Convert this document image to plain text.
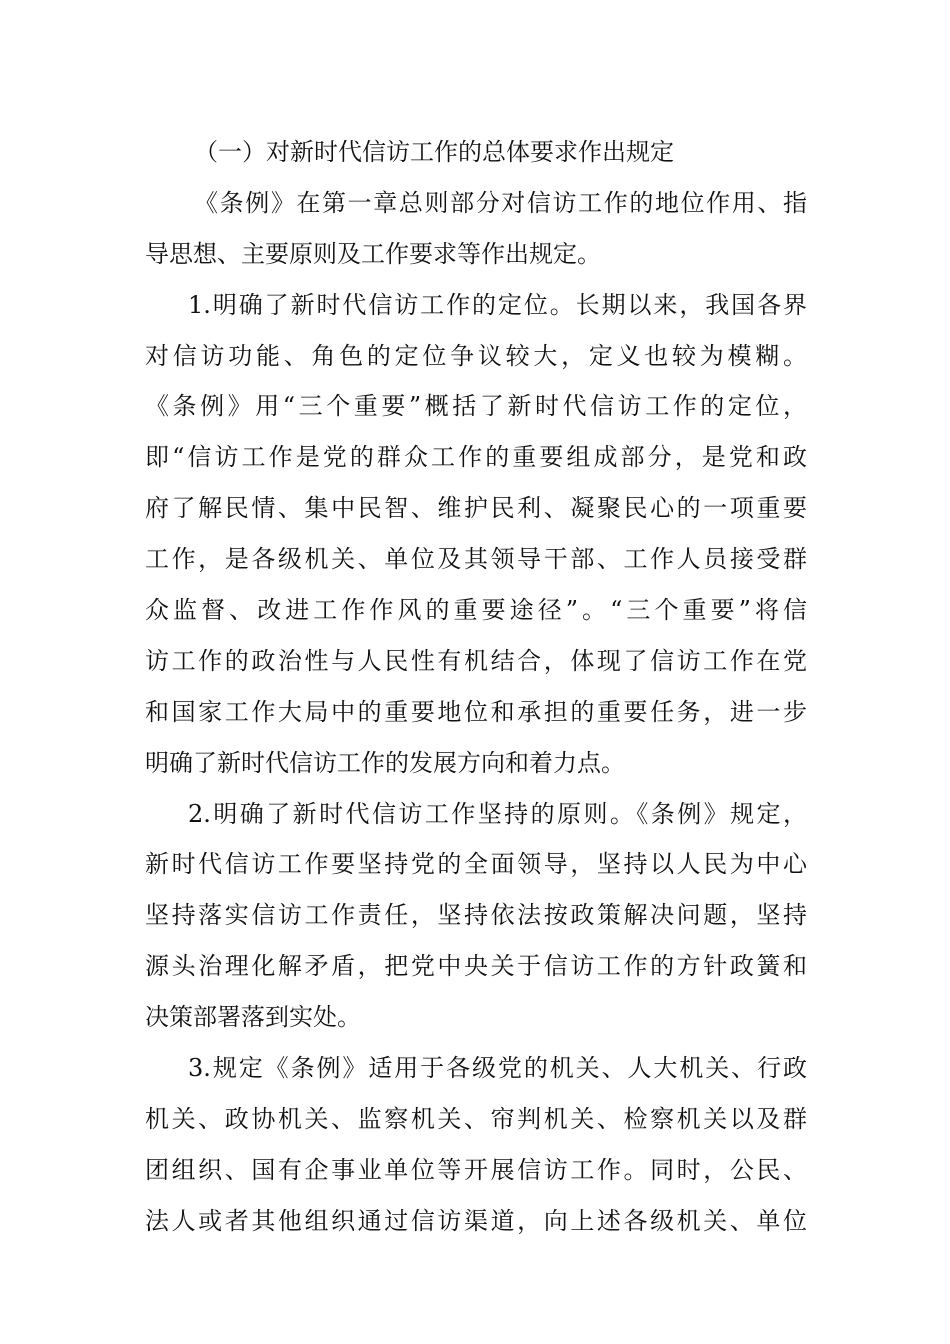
（一）对新时代信访工作的总体要求作出规定
《条例》在第一章总则部分对信访工作的地位作用、指
导思想、主要原则及工作要求等作出规定。
1.明确了新时代信访工作的定位。长期以来，我国各界
对信访功能、角色的定位争议较大，定义也较为模糊。
《条例》用“三个重要”概括了新时代信访工作的定位，
即“信访工作是党的群众工作的重要组成部分，是党和政
府了解民情、集中民智、维护民利、凝聚民心的一项重要
工作，是各级机关、单位及其领导干部、工作人员接受群
众监督、改进工作作风的重要途径”。“三个重要”将信
访工作的政治性与人民性有机结合，体现了信访工作在党
和国家工作大局中的重要地位和承担的重要任务，进一步
明确了新时代信访工作的发展方向和着力点。
2.明确了新时代信访工作坚持的原则。《条例》规定，
新时代信访工作要坚持党的全面领导，坚持以人民为中心
坚持落实信访工作责任，坚持依法按政策解决问题，坚持
源头治理化解矛盾，把党中央关于信访工作的方针政簧和
决策部署落到实处。
3.规定《条例》适用于各级党的机关、人大机关、行政
机关、政协机关、监察机关、帘判机关、检察机关以及群
团组织、国有企事业单位等开展信访工作。同时，公民、
法人或者其他组织通过信访渠道，向上述各级机关、单位
